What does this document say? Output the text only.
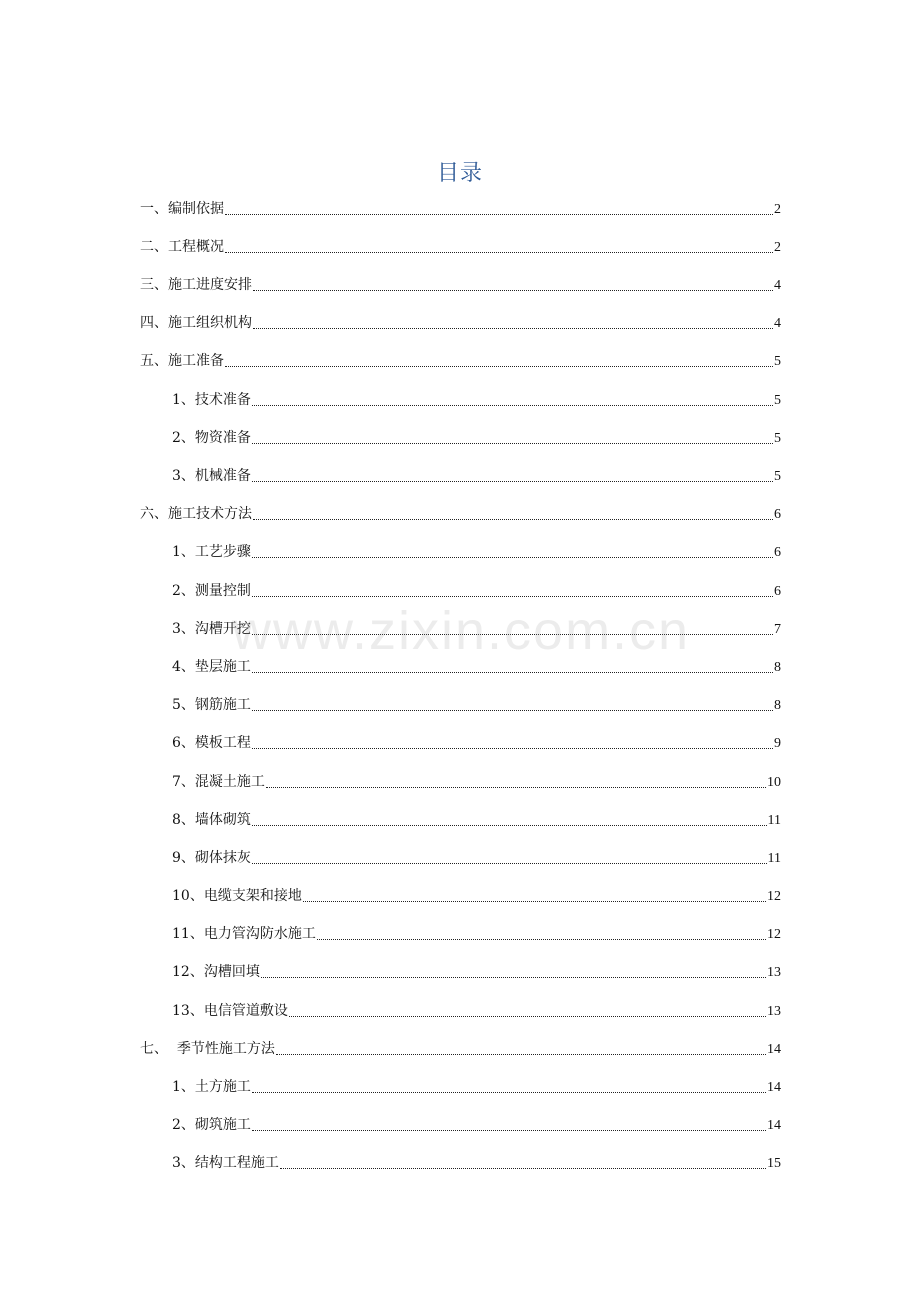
目录
一、编制依据	2
二、工程概况	2
三、施工进度安排	4
四、施工组织机构	4
五、施工准备	5
1、技术准备	5
2、物资准备	5
3、机械准备	5
六、施工技术方法	6
1、工艺步骤	6
2、测量控制	6
3、沟槽开挖	7
4、垫层施工	8
5、钢筋施工	8
6、模板工程	9
7、混凝土施工	10
8、墙体砌筑	11
9、砌体抹灰	11
10、电缆支架和接地	12
11、电力管沟防水施工	12
12、沟槽回填	13
13、电信管道敷设	13
七、  季节性施工方法	14
1、土方施工	14
2、砌筑施工	14
3、结构工程施工	15
www.zixin.com.cn
